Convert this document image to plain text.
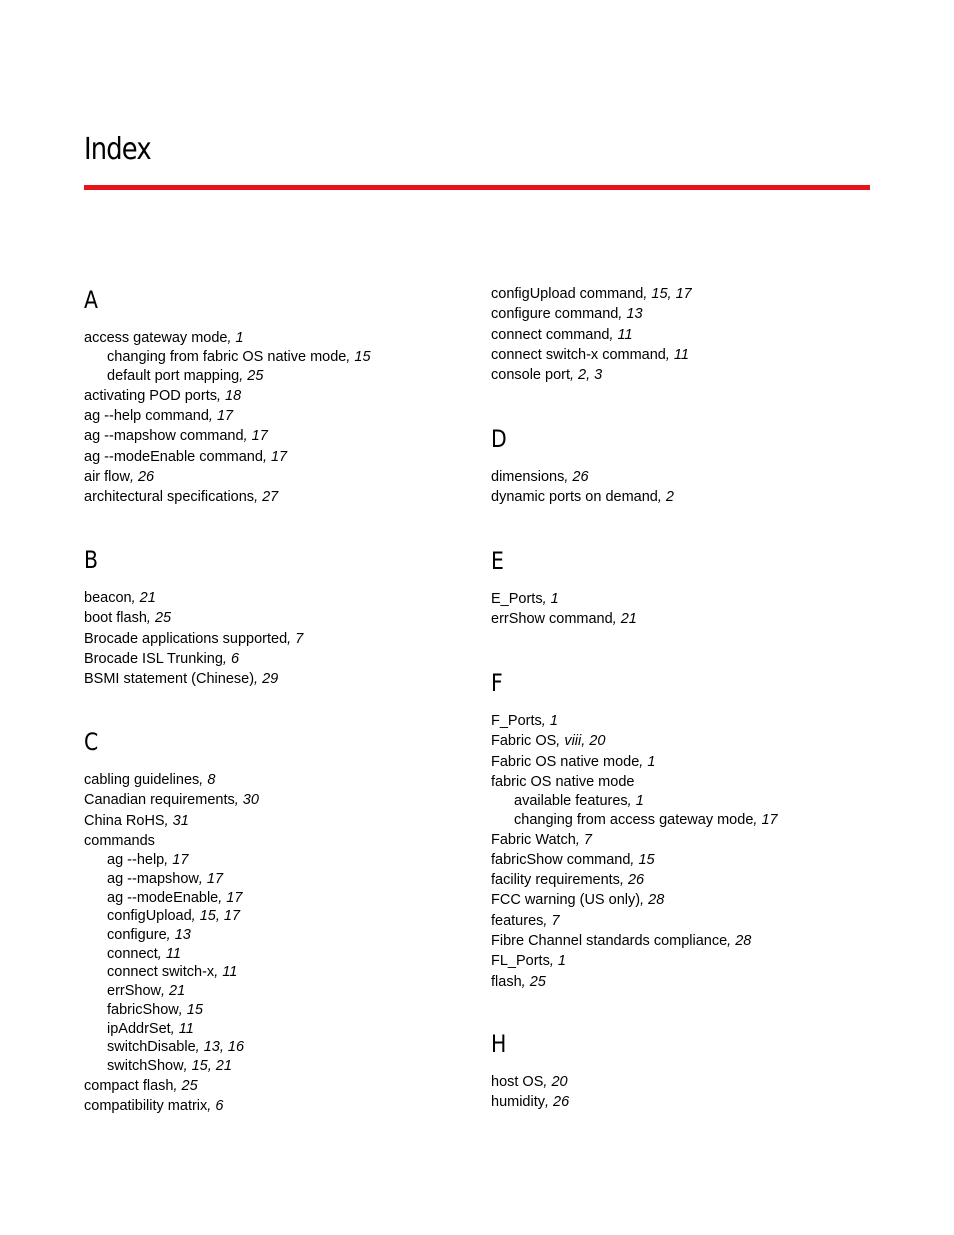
Index
A
access gateway mode, 1
changing from fabric OS native mode, 15
default port mapping, 25
activating POD ports, 18
ag --help command, 17
ag --mapshow command, 17
ag --modeEnable command, 17
air flow, 26
architectural specifications, 27
B
beacon, 21
boot flash, 25
Brocade applications supported, 7
Brocade ISL Trunking, 6
BSMI statement (Chinese), 29
C
cabling guidelines, 8
Canadian requirements, 30
China RoHS, 31
commands
ag --help, 17
ag --mapshow, 17
ag --modeEnable, 17
configUpload, 15, 17
configure, 13
connect, 11
connect switch-x, 11
errShow, 21
fabricShow, 15
ipAddrSet, 11
switchDisable, 13, 16
switchShow, 15, 21
compact flash, 25
compatibility matrix, 6
configUpload command, 15, 17
configure command, 13
connect command, 11
connect switch-x command, 11
console port, 2, 3
D
dimensions, 26
dynamic ports on demand, 2
E
E_Ports, 1
errShow command, 21
F
F_Ports, 1
Fabric OS, viii, 20
Fabric OS native mode, 1
fabric OS native mode
available features, 1
changing from access gateway mode, 17
Fabric Watch, 7
fabricShow command, 15
facility requirements, 26
FCC warning (US only), 28
features, 7
Fibre Channel standards compliance, 28
FL_Ports, 1
flash, 25
H
host OS, 20
humidity, 26
